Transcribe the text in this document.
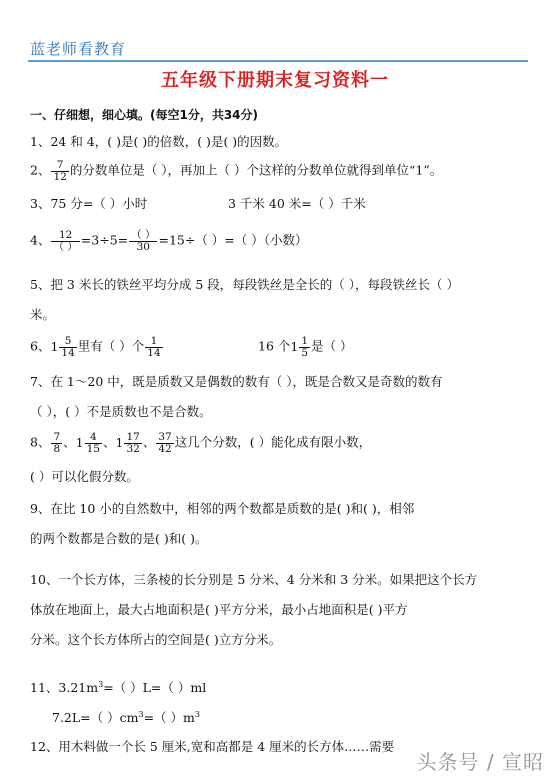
蓝老师看教育
五年级下册期末复习资料一
一、仔细想，细心填。(每空1分，共34分)
1、24 和 4，( )是( )的倍数，( )是( )的因数。
2、 $\frac{7}{12}$ 的分数单位是（ ），再加上（ ）个这样的分数单位就得到单位“1”。
3、75 分=（ ）小时	3 千米 40 米=（ ）千米
4、 $\frac{12}{( )} =3\div 5= \frac{( )}{30} =15\div$（ ）=（ ）（小数）
5、把 3 米长的铁丝平均分成 5 段，每段铁丝是全长的（ ），每段铁丝长（ ）
米。
6、$1 \frac{5}{14}$ 里有（ ）个 $\frac{1}{14}$	16 个$1 \frac{1}{5}$ 是（ ）
7、在 1～20 中，既是质数又是偶数的数有（ ），既是合数又是奇数的数有
（ ），( ）不是质数也不是合数。
8、 $\frac{7}{8}$ 、$1 \frac{4}{15}$ 、$1 \frac{17}{32}$ 、 $\frac{37}{42}$ 这几个分数，( ）能化成有限小数，
( ）可以化假分数。
9、在比 10 小的自然数中，相邻的两个数都是质数的是( )和( )，相邻
的两个数都是合数的是( )和( )。
10、一个长方体，三条棱的长分别是 5 分米、4 分米和 3 分米。如果把这个长方
体放在地面上，最大占地面积是( )平方分米，最小占地面积是( )平方
分米。这个长方体所占的空间是( )立方分米。
11、$3.21m^3=$（ ）L=（ ）ml
7.2L=（ ）$cm^3=$（ ）$m^3$
12、用木料做一个长 5 厘米,宽和高都是 4 厘米的长方体……需要
头条号 / 宣昭
